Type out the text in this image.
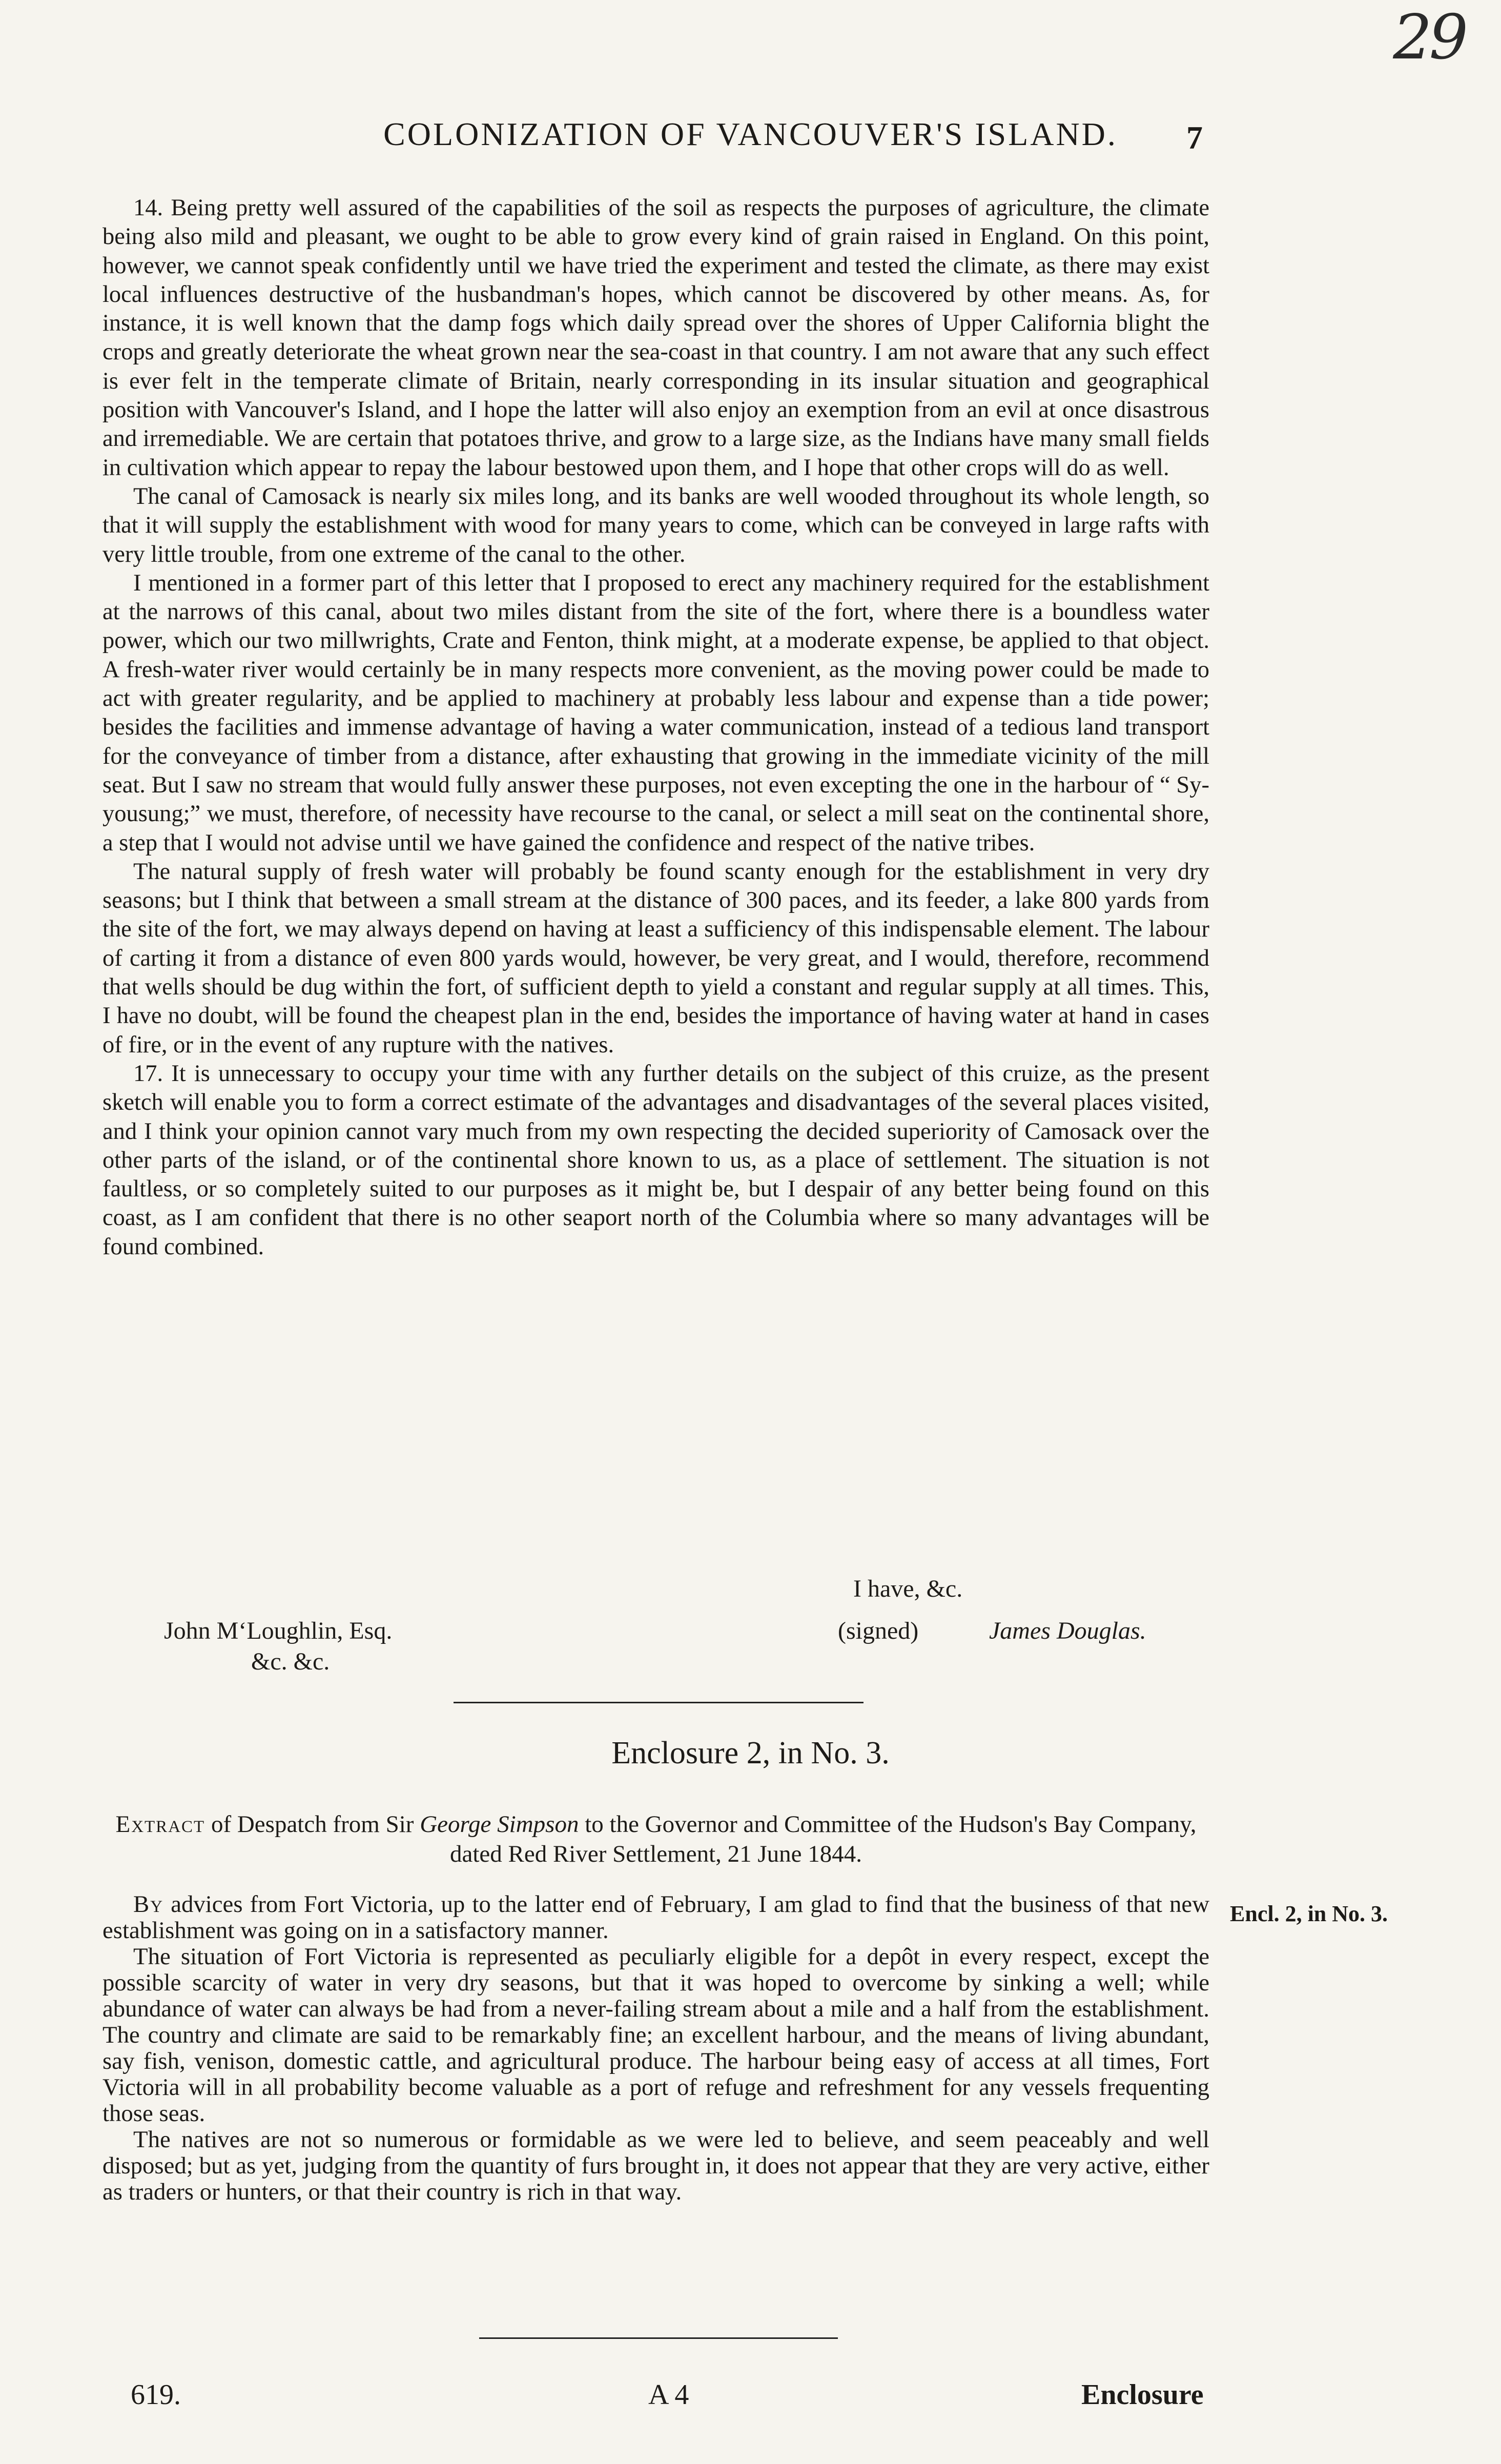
29
COLONIZATION OF VANCOUVER'S ISLAND.	7

14. Being pretty well assured of the capabilities of the soil as respects the purposes of agriculture, the climate being also mild and pleasant, we ought to be able to grow every kind of grain raised in England. On this point, however, we cannot speak confidently until we have tried the experiment and tested the climate, as there may exist local influences destructive of the husbandman's hopes, which cannot be discovered by other means. As, for instance, it is well known that the damp fogs which daily spread over the shores of Upper California blight the crops and greatly deteriorate the wheat grown near the sea-coast in that country. I am not aware that any such effect is ever felt in the temperate climate of Britain, nearly corresponding in its insular situation and geographical position with Vancouver's Island, and I hope the latter will also enjoy an exemption from an evil at once disastrous and irremediable. We are certain that potatoes thrive, and grow to a large size, as the Indians have many small fields in cultivation which appear to repay the labour bestowed upon them, and I hope that other crops will do as well.

The canal of Camosack is nearly six miles long, and its banks are well wooded throughout its whole length, so that it will supply the establishment with wood for many years to come, which can be conveyed in large rafts with very little trouble, from one extreme of the canal to the other.

I mentioned in a former part of this letter that I proposed to erect any machinery required for the establishment at the narrows of this canal, about two miles distant from the site of the fort, where there is a boundless water power, which our two millwrights, Crate and Fenton, think might, at a moderate expense, be applied to that object. A fresh-water river would certainly be in many respects more convenient, as the moving power could be made to act with greater regularity, and be applied to machinery at probably less labour and expense than a tide power; besides the facilities and immense advantage of having a water communication, instead of a tedious land transport for the conveyance of timber from a distance, after exhausting that growing in the immediate vicinity of the mill seat. But I saw no stream that would fully answer these purposes, not even excepting the one in the harbour of “ Sy-yousung;” we must, therefore, of necessity have recourse to the canal, or select a mill seat on the continental shore, a step that I would not advise until we have gained the confidence and respect of the native tribes.

The natural supply of fresh water will probably be found scanty enough for the establishment in very dry seasons; but I think that between a small stream at the distance of 300 paces, and its feeder, a lake 800 yards from the site of the fort, we may always depend on having at least a sufficiency of this indispensable element. The labour of carting it from a distance of even 800 yards would, however, be very great, and I would, therefore, recommend that wells should be dug within the fort, of sufficient depth to yield a constant and regular supply at all times. This, I have no doubt, will be found the cheapest plan in the end, besides the importance of having water at hand in cases of fire, or in the event of any rupture with the natives.

17. It is unnecessary to occupy your time with any further details on the subject of this cruize, as the present sketch will enable you to form a correct estimate of the advantages and disadvantages of the several places visited, and I think your opinion cannot vary much from my own respecting the decided superiority of Camosack over the other parts of the island, or of the continental shore known to us, as a place of settlement. The situation is not faultless, or so completely suited to our purposes as it might be, but I despair of any better being found on this coast, as I am confident that there is no other seaport north of the Columbia where so many advantages will be found combined.

I have, &c.
John M‘Loughlin, Esq.
&c. &c.
(signed)	James Douglas.
Enclosure 2, in No. 3.
Extract of Despatch from Sir George Simpson to the Governor and Committee of the Hudson's Bay Company, dated Red River Settlement, 21 June 1844.

By advices from Fort Victoria, up to the latter end of February, I am glad to find that the business of that new establishment was going on in a satisfactory manner.

The situation of Fort Victoria is represented as peculiarly eligible for a depôt in every respect, except the possible scarcity of water in very dry seasons, but that it was hoped to overcome by sinking a well; while abundance of water can always be had from a never-failing stream about a mile and a half from the establishment. The country and climate are said to be remarkably fine; an excellent harbour, and the means of living abundant, say fish, venison, domestic cattle, and agricultural produce. The harbour being easy of access at all times, Fort Victoria will in all probability become valuable as a port of refuge and refreshment for any vessels frequenting those seas.

The natives are not so numerous or formidable as we were led to believe, and seem peaceably and well disposed; but as yet, judging from the quantity of furs brought in, it does not appear that they are very active, either as traders or hunters, or that their country is rich in that way.

Encl. 2, in No. 3.
619.	A 4	Enclosure
